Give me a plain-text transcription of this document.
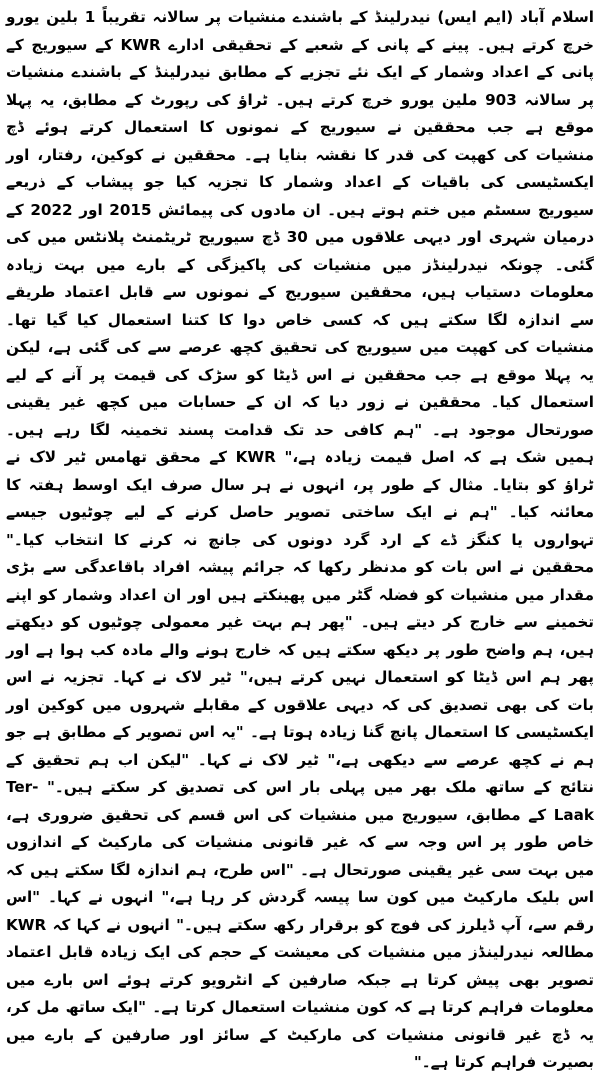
اسلام آباد (ایم ایس) نیدرلینڈ کے باشندے منشیات پر سالانہ تقریباً 1 بلین یورو خرچ کرتے ہیں۔ پینے کے پانی کے شعبے کے تحقیقی ادارے KWR کے سیوریج کے پانی کے اعداد وشمار کے ایک نئے تجزیے کے مطابق نیدرلینڈ کے باشندے منشیات پر سالانہ 903 ملین یورو خرچ کرتے ہیں۔ ٹراؤ کی رپورٹ کے مطابق، یہ پہلا موقع ہے جب محققین نے سیوریج کے نمونوں کا استعمال کرتے ہوئے ڈچ منشیات کی کھپت کی قدر کا نقشہ بنایا ہے۔ محققین نے کوکین، رفتار، اور ایکسٹیسی کی باقیات کے اعداد وشمار کا تجزیہ کیا جو پیشاب کے ذریعے سیوریج سسٹم میں ختم ہوتے ہیں۔ ان مادوں کی پیمائش 2015 اور 2022 کے درمیان شہری اور دیہی علاقوں میں 30 ڈچ سیوریج ٹریٹمنٹ پلانٹس میں کی گئی۔ چونکہ نیدرلینڈز میں منشیات کی پاکیزگی کے بارے میں بہت زیادہ معلومات دستیاب ہیں، محققین سیوریج کے نمونوں سے قابل اعتماد طریقے سے اندازہ لگا سکتے ہیں کہ کسی خاص دوا کا کتنا استعمال کیا گیا تھا۔ منشیات کی کھپت میں سیوریج کی تحقیق کچھ عرصے سے کی گئی ہے، لیکن یہ پہلا موقع ہے جب محققین نے اس ڈیٹا کو سڑک کی قیمت پر آنے کے لیے استعمال کیا۔ محققین نے زور دیا کہ ان کے حسابات میں کچھ غیر یقینی صورتحال موجود ہے۔ "ہم کافی حد تک قدامت پسند تخمینہ لگا رہے ہیں۔ ہمیں شک ہے کہ اصل قیمت زیادہ ہے،" KWR کے محقق تھامس ٹیر لاک نے ٹراؤ کو بتایا۔ مثال کے طور پر، انہوں نے ہر سال صرف ایک اوسط ہفتہ کا معائنہ کیا۔ "ہم نے ایک ساختی تصویر حاصل کرنے کے لیے چوٹیوں جیسے تہواروں یا کنگز ڈے کے ارد گرد دونوں کی جانچ نہ کرنے کا انتخاب کیا۔" محققین نے اس بات کو مدنظر رکھا کہ جرائم پیشہ افراد باقاعدگی سے بڑی مقدار میں منشیات کو فضلہ گٹر میں پھینکتے ہیں اور ان اعداد وشمار کو اپنے تخمینے سے خارج کر دیتے ہیں۔ "پھر ہم بہت غیر معمولی چوٹیوں کو دیکھتے ہیں، ہم واضح طور پر دیکھ سکتے ہیں کہ خارج ہونے والے مادہ کب ہوا ہے اور پھر ہم اس ڈیٹا کو استعمال نہیں کرتے ہیں،" ٹیر لاک نے کہا۔ تجزیہ نے اس بات کی بھی تصدیق کی کہ دیہی علاقوں کے مقابلے شہروں میں کوکین اور ایکسٹیسی کا استعمال پانچ گنا زیادہ ہوتا ہے۔ "یہ اس تصویر کے مطابق ہے جو ہم نے کچھ عرصے سے دیکھی ہے،" ٹیر لاک نے کہا۔ "لیکن اب ہم تحقیق کے نتائج کے ساتھ ملک بھر میں پہلی بار اس کی تصدیق کر سکتے ہیں۔" Ter-Laak کے مطابق، سیوریج میں منشیات کی اس قسم کی تحقیق ضروری ہے، خاص طور پر اس وجہ سے کہ غیر قانونی منشیات کی مارکیٹ کے اندازوں میں بہت سی غیر یقینی صورتحال ہے۔ "اس طرح، ہم اندازہ لگا سکتے ہیں کہ اس بلیک مارکیٹ میں کون سا پیسہ گردش کر رہا ہے،" انہوں نے کہا۔ "اس رقم سے، آپ ڈیلرز کی فوج کو برقرار رکھ سکتے ہیں۔" انہوں نے کہا کہ KWR مطالعہ نیدرلینڈز میں منشیات کی معیشت کے حجم کی ایک زیادہ قابل اعتماد تصویر بھی پیش کرتا ہے جبکہ صارفین کے انٹرویو کرتے ہوئے اس بارے میں معلومات فراہم کرتا ہے کہ کون منشیات استعمال کرتا ہے۔ "ایک ساتھ مل کر، یہ ڈچ غیر قانونی منشیات کی مارکیٹ کے سائز اور صارفین کے بارے میں بصیرت فراہم کرتا ہے۔"
